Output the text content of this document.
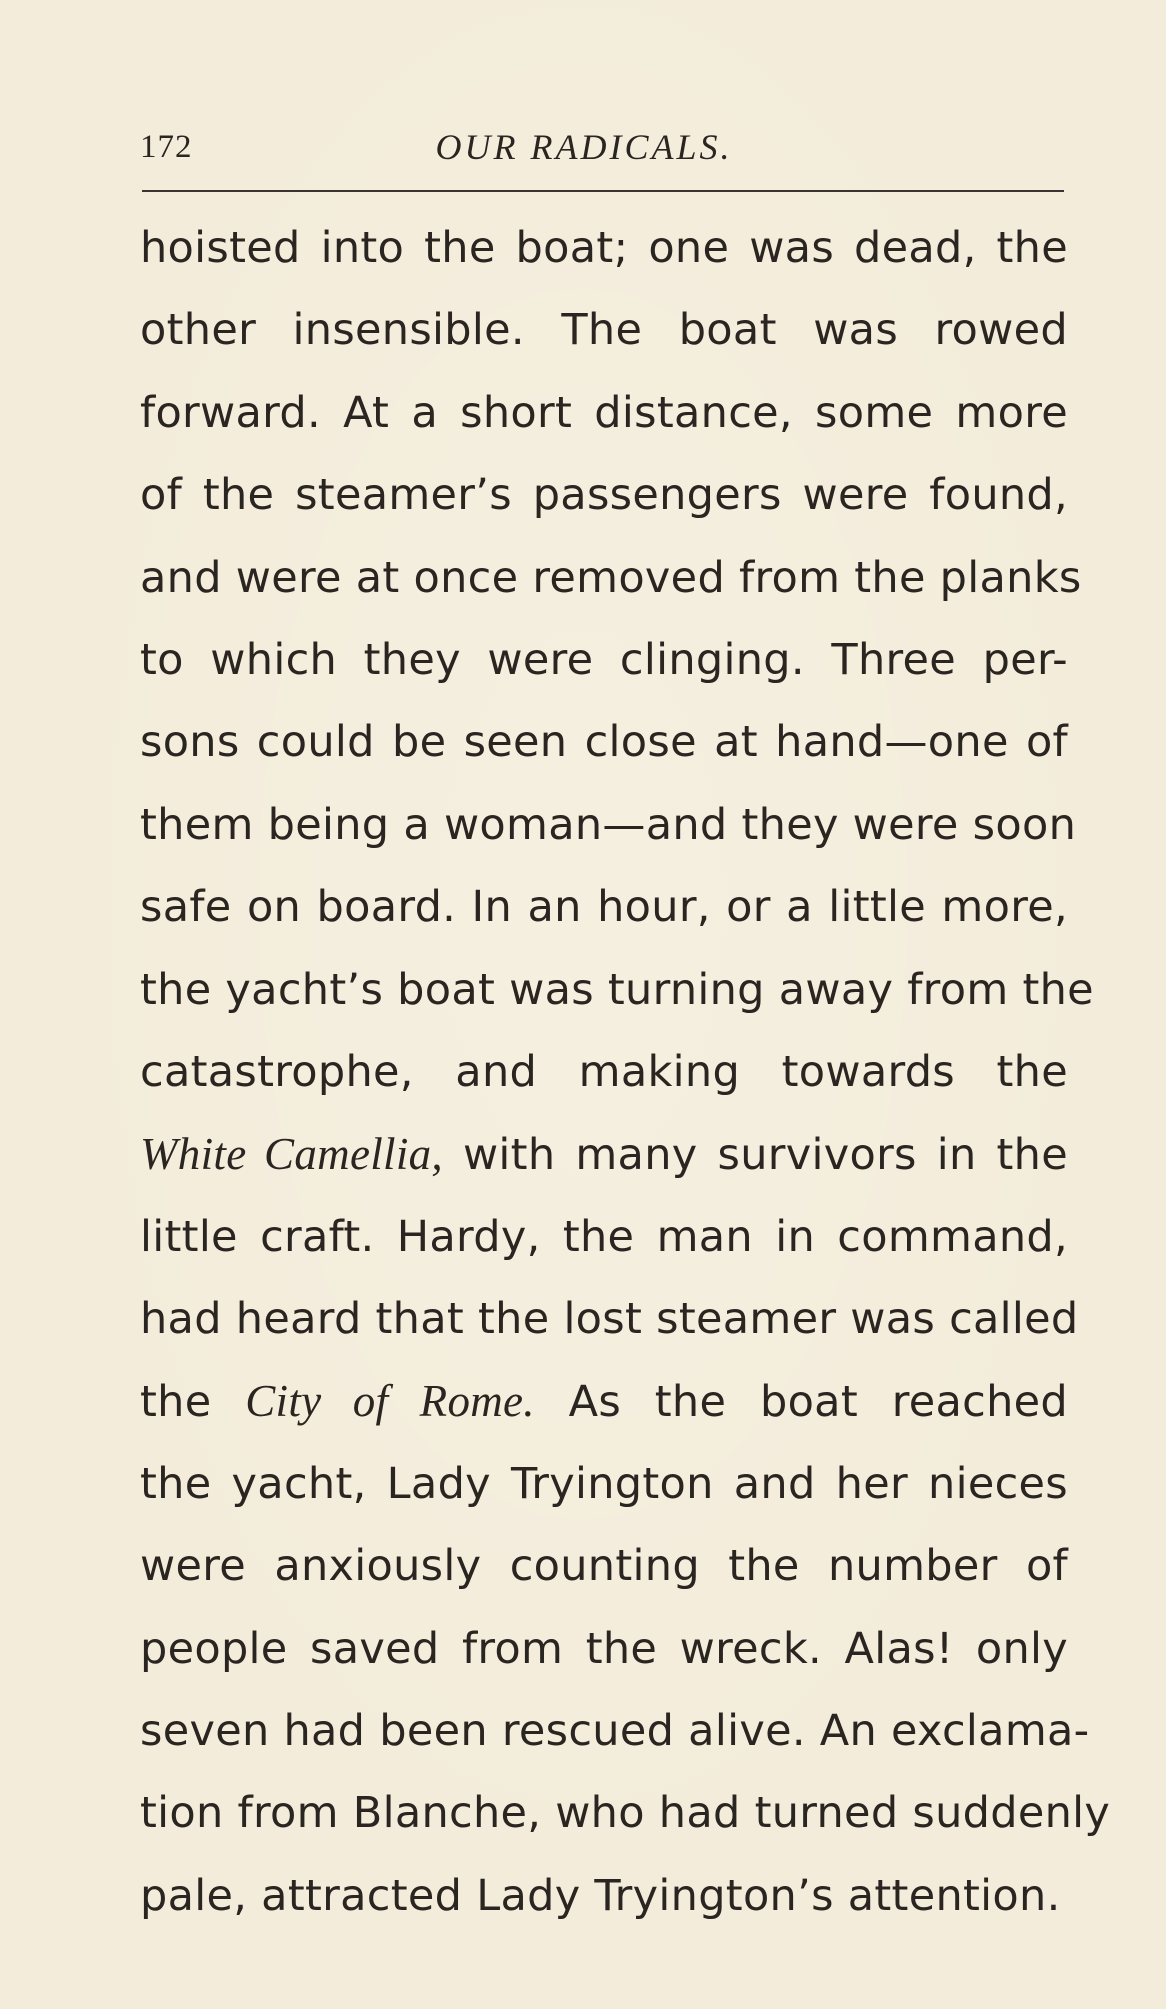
172	OUR RADICALS.
hoisted into the boat; one was dead, the
other insensible. The boat was rowed
forward. At a short distance, some more
of the steamer’s passengers were found,
and were at once removed from the planks
to which they were clinging. Three per-
sons could be seen close at hand—one of
them being a woman—and they were soon
safe on board. In an hour, or a little more,
the yacht’s boat was turning away from the
catastrophe, and making towards the
White Camellia, with many survivors in the
little craft. Hardy, the man in command,
had heard that the lost steamer was called
the City of Rome. As the boat reached
the yacht, Lady Tryington and her nieces
were anxiously counting the number of
people saved from the wreck. Alas! only
seven had been rescued alive. An exclama-
tion from Blanche, who had turned suddenly
pale, attracted Lady Tryington’s attention.
